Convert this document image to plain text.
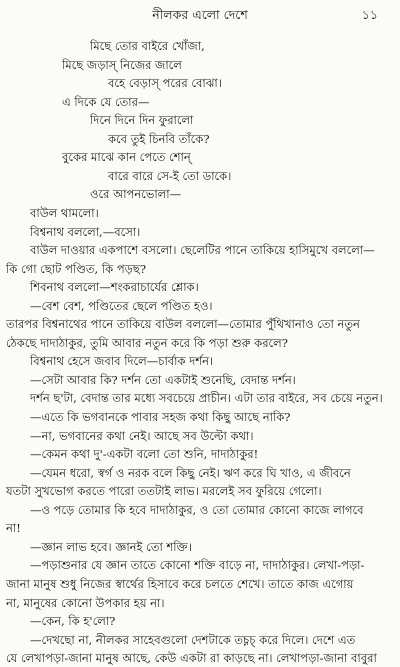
নীলকর এলো দেশে	১১
মিছে তোর বাইরে খোঁজা,
মিছে জড়াস্‌ নিজের জালে
বহে বেড়াস্‌ পরের বোঝা।
এ দিকে যে তোর—
দিনে দিনে দিন ফুরালো
কবে তুই চিনবি তাঁকে?
বুকের মাঝে কান পেতে শোন্‌
বারে বারে সে-ই তো ডাকে।
ওরে আপনভোলা—
বাউল থামলো।
বিশ্বনাথ বললো,—বসো।
বাউল দাওয়ার একপাশে বসলো। ছেলেটির পানে তাকিয়ে হাসিমুখে বললো—
কি গো ছোট পণ্ডিত, কি পড়ছ?
শিবনাথ বললো—শংকরাচার্যের শ্লোক।
—বেশ বেশ, পণ্ডিতের ছেলে পণ্ডিত হও।
তারপর বিশ্বনাথের পানে তাকিয়ে বাউল বললো—তোমার পুঁথিখানাও তো নতুন
ঠেকছে দাদাঠাকুর, তুমি আবার নতুন করে কি পড়া শুরু করলে?
বিশ্বনাথ হেসে জবাব দিলে—চার্বাক দর্শন।
—সেটা আবার কি? দর্শন তো একটাই শুনেছি, বেদান্ত দর্শন।
দর্শন ছ'টা, বেদান্ত তার মধ্যে সবচেয়ে প্রাচীন। এটা তার বাইরে, সব চেয়ে নতুন।
—এতে কি ভগবানকে পাবার সহজ কথা কিছু আছে নাকি?
—না, ভগবানের কথা নেই। আছে সব উল্টো কথা।
—কেমন কথা দু'-একটা বলো তো শুনি, দাদাঠাকুর!
—যেমন ধরো, স্বর্গ ও নরক বলে কিছু নেই। ঋণ করে ঘি খাও, এ জীবনে
যতটা সুখভোগ করতে পারো ততটাই লাভ। মরলেই সব ফুরিয়ে গেলো।
—ও পড়ে তোমার কি হবে দাদাঠাকুর, ও তো তোমার কোনো কাজে লাগবে
না!
—জ্ঞান লাভ হবে। জ্ঞানই তো শক্তি।
—পড়াশুনার যে জ্ঞান তাতে কোনো শক্তি বাড়ে না, দাদাঠাকুর। লেখা-পড়া-
জানা মানুষ শুধু নিজের স্বার্থের হিসাবে করে চলতে শেখে। তাতে কাজ এগোয়
না, মানুষের কোনো উপকার হয় না।
—কেন, কি হ'লো?
—দেখছো না, নীলকর সাহেবগুলো দেশটাকে তচ্নচ্‌ করে দিলে। দেশে এত
যে লেখাপড়া-জানা মানুষ আছে, কেউ একটা রা কাড়ছে না। লেখাপড়া-জানা বাবুরা
